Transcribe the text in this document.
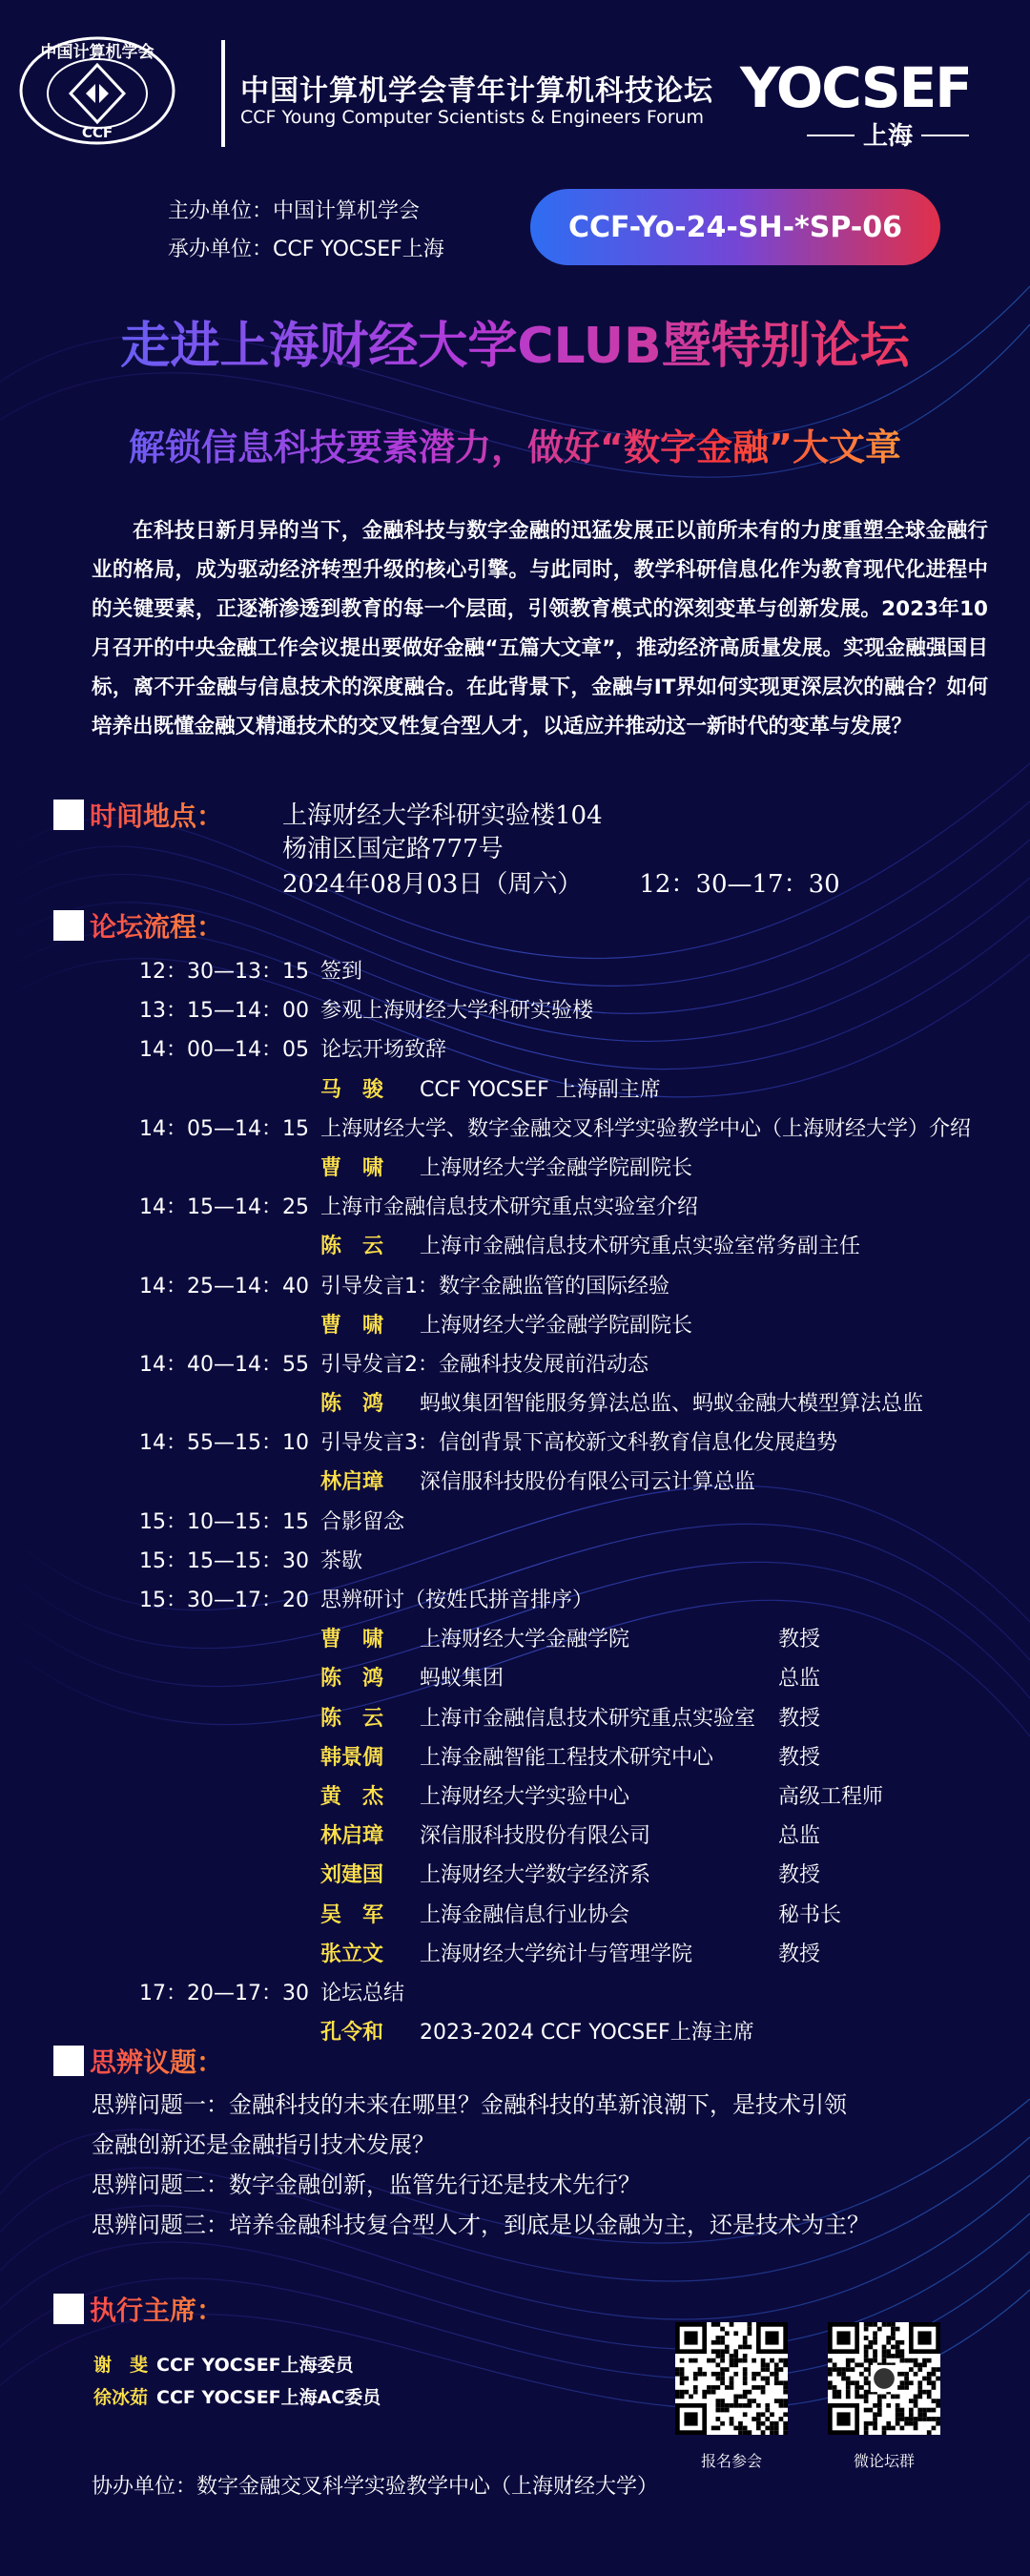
中国计算机学会
CCF
中国计算机学会青年计算机科技论坛
CCF Young Computer Scientists & Engineers Forum YOCSEF
上海
主办单位：中国计算机学会
承办单位：CCF YOCSEF上海
CCF-Yo-24-SH-*SP-06
走进上海财经大学CLUB暨特别论坛
解锁信息科技要素潜力，做好“数字金融”大文章
在科技日新月异的当下，金融科技与数字金融的迅猛发展正以前所未有的力度重塑全球金融行业的格局，成为驱动经济转型升级的核心引擎。与此同时，教学科研信息化作为教育现代化进程中的关键要素，正逐渐渗透到教育的每一个层面，引领教育模式的深刻变革与创新发展。2023年10月召开的中央金融工作会议提出要做好金融“五篇大文章”，推动经济高质量发展。实现金融强国目标，离不开金融与信息技术的深度融合。在此背景下，金融与IT界如何实现更深层次的融合？如何培养出既懂金融又精通技术的交叉性复合型人才，以适应并推动这一新时代的变革与发展？
时间地点： 上海财经大学科研实验楼104
杨浦区国定路777号
2024年08月03日（周六） 12：30—17：30
论坛流程：
12：30—13：15 签到
13：15—14：00 参观上海财经大学科研实验楼
14：00—14：05 论坛开场致辞
马　骏 CCF YOCSEF 上海副主席
14：05—14：15 上海财经大学、数字金融交叉科学实验教学中心（上海财经大学）介绍
曹　啸 上海财经大学金融学院副院长
14：15—14：25 上海市金融信息技术研究重点实验室介绍
陈　云 上海市金融信息技术研究重点实验室常务副主任
14：25—14：40 引导发言1：数字金融监管的国际经验
曹　啸 上海财经大学金融学院副院长
14：40—14：55 引导发言2：金融科技发展前沿动态
陈　鸿 蚂蚁集团智能服务算法总监、蚂蚁金融大模型算法总监
14：55—15：10 引导发言3：信创背景下高校新文科教育信息化发展趋势
林启璋 深信服科技股份有限公司云计算总监
15：10—15：15 合影留念
15：15—15：30 茶歇
15：30—17：20 思辨研讨（按姓氏拼音排序）
曹　啸 上海财经大学金融学院	教授
陈　鸿 蚂蚁集团	总监
陈　云 上海市金融信息技术研究重点实验室 教授
韩景倜 上海金融智能工程技术研究中心	教授
黄　杰 上海财经大学实验中心	高级工程师
林启璋 深信服科技股份有限公司	总监
刘建国 上海财经大学数字经济系	教授
吴　军 上海金融信息行业协会	秘书长
张立文 上海财经大学统计与管理学院	教授
17：20—17：30 论坛总结
孔令和 2023-2024 CCF YOCSEF上海主席
思辨议题：
思辨问题一：金融科技的未来在哪里？金融科技的革新浪潮下，是技术引领
金融创新还是金融指引技术发展？
思辨问题二：数字金融创新，监管先行还是技术先行？
思辨问题三：培养金融科技复合型人才，到底是以金融为主，还是技术为主？
执行主席：
谢　斐 CCF YOCSEF上海委员
徐冰茹 CCF YOCSEF上海AC委员
报名参会	微论坛群
协办单位：数字金融交叉科学实验教学中心（上海财经大学）
